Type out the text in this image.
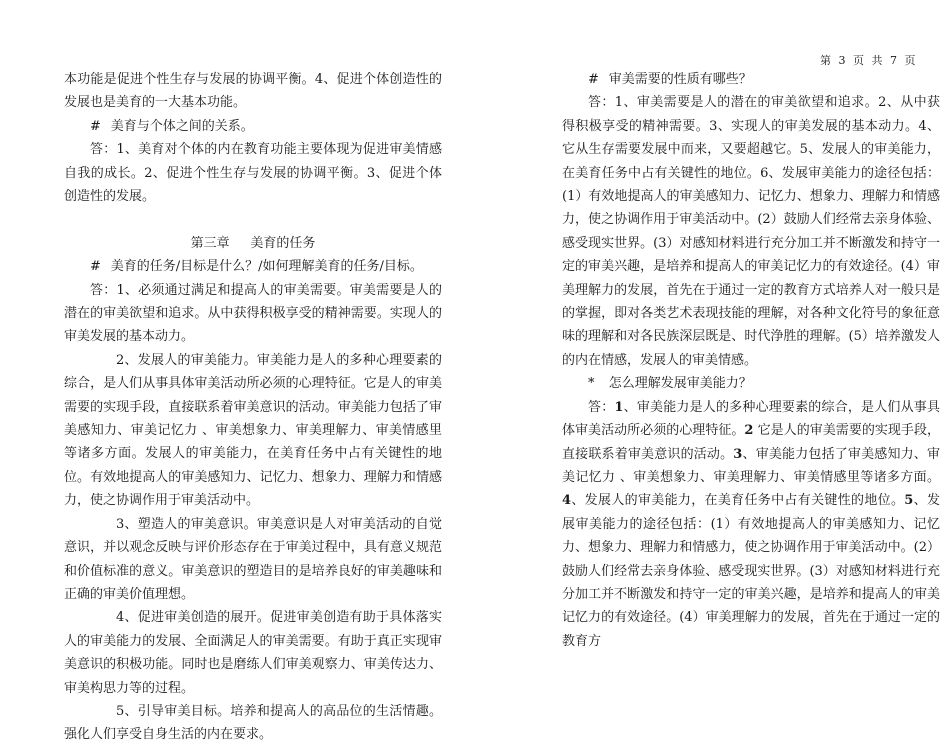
第 3 页 共 7 页

本功能是促进个性生存与发展的协调平衡。4、促进个体创造性的发展也是美育的一大基本功能。

# 美育与个体之间的关系。

答：1、美育对个体的内在教育功能主要体现为促进审美情感自我的成长。2、促进个性生存与发展的协调平衡。3、促进个体创造性的发展。

第三章 美育的任务

# 美育的任务/目标是什么？/如何理解美育的任务/目标。

答：1、必须通过满足和提高人的审美需要。审美需要是人的潜在的审美欲望和追求。从中获得积极享受的精神需要。实现人的审美发展的基本动力。

2、发展人的审美能力。审美能力是人的多种心理要素的综合，是人们从事具体审美活动所必须的心理特征。它是人的审美需要的实现手段，直接联系着审美意识的活动。审美能力包括了审美感知力、审美记忆力 、审美想象力、审美理解力、审美情感里等诸多方面。发展人的审美能力，在美育任务中占有关键性的地位。有效地提高人的审美感知力、记忆力、想象力、理解力和情感力，使之协调作用于审美活动中。

3、塑造人的审美意识。审美意识是人对审美活动的自觉意识，并以观念反映与评价形态存在于审美过程中，具有意义规范和价值标准的意义。审美意识的塑造目的是培养良好的审美趣味和正确的审美价值理想。

4、促进审美创造的展开。促进审美创造有助于具体落实人的审美能力的发展、全面满足人的审美需要。有助于真正实现审美意识的积极功能。同时也是磨练人们审美观察力、审美传达力、审美构思力等的过程。

5、引导审美目标。培养和提高人的高品位的生活情趣。强化人们享受自身生活的内在要求。

# 审美需要的性质有哪些？

答：1、审美需要是人的潜在的审美欲望和追求。2、从中获得积极享受的精神需要。3、实现人的审美发展的基本动力。4、它从生存需要发展中而来，又要超越它。5、发展人的审美能力，在美育任务中占有关键性的地位。6、发展审美能力的途径包括：(1）有效地提高人的审美感知力、记忆力、想象力、理解力和情感力，使之协调作用于审美活动中。(2）鼓励人们经常去亲身体验、感受现实世界。(3）对感知材料进行充分加工并不断激发和持守一定的审美兴趣，是培养和提高人的审美记忆力的有效途径。(4）审美理解力的发展，首先在于通过一定的教育方式培养人对一般只是的掌握，即对各类艺术表现技能的理解，对各种文化符号的象征意味的理解和对各民族深层既是、时代浄胜的理解。(5）培养激发人的内在情感，发展人的审美情感。

* 怎么理解发展审美能力？

答：1、审美能力是人的多种心理要素的综合，是人们从事具体审美活动所必须的心理特征。2 它是人的审美需要的实现手段，直接联系着审美意识的活动。3、审美能力包括了审美感知力、审美记忆力 、审美想象力、审美理解力、审美情感里等诸多方面。4、发展人的审美能力，在美育任务中占有关键性的地位。5、发展审美能力的途径包括：(1）有效地提高人的审美感知力、记忆力、想象力、理解力和情感力，使之协调作用于审美活动中。(2）鼓励人们经常去亲身体验、感受现实世界。(3）对感知材料进行充分加工并不断激发和持守一定的审美兴趣，是培养和提高人的审美记忆力的有效途径。(4）审美理解力的发展，首先在于通过一定的教育方
